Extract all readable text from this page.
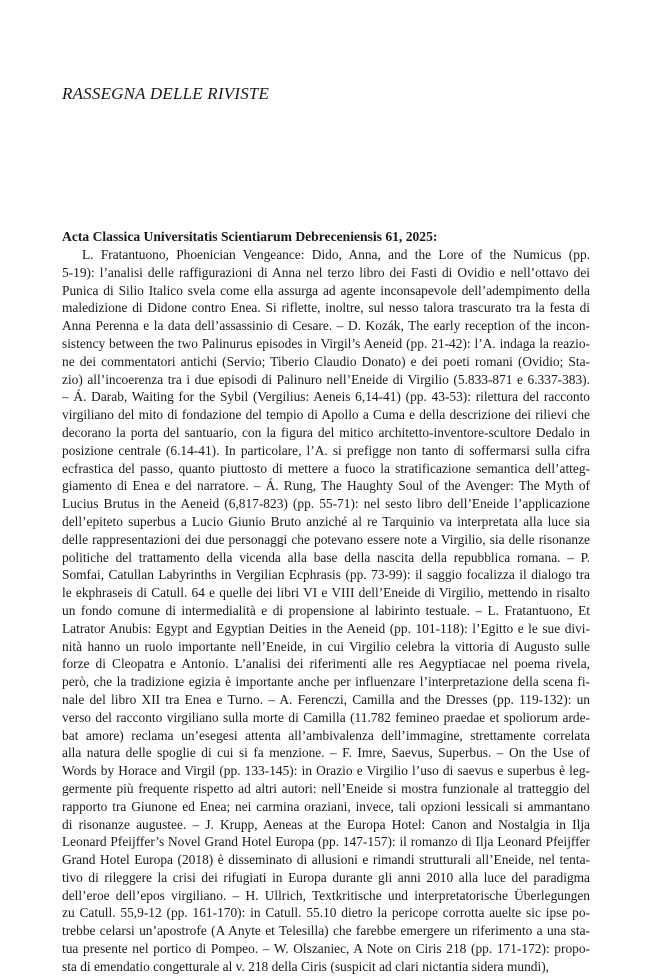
RASSEGNA DELLE RIVISTE
Acta Classica Universitatis Scientiarum Debreceniensis 61, 2025:
L. Fratantuono, Phoenician Vengeance: Dido, Anna, and the Lore of the Numicus (pp.
5-19): l’analisi delle raffigurazioni di Anna nel terzo libro dei Fasti di Ovidio e nell’ottavo dei
Punica di Silio Italico svela come ella assurga ad agente inconsapevole dell’adempimento della
maledizione di Didone contro Enea. Si riflette, inoltre, sul nesso talora trascurato tra la festa di
Anna Perenna e la data dell’assassinio di Cesare. – D. Kozák, The early reception of the incon-
sistency between the two Palinurus episodes in Virgil’s Aeneid (pp. 21-42): l’A. indaga la reazio-
ne dei commentatori antichi (Servio; Tiberio Claudio Donato) e dei poeti romani (Ovidio; Sta-
zio) all’incoerenza tra i due episodi di Palinuro nell’Eneide di Virgilio (5.833-871 e 6.337-383).
– Á. Darab, Waiting for the Sybil (Vergilius: Aeneis 6,14-41) (pp. 43-53): rilettura del racconto
virgiliano del mito di fondazione del tempio di Apollo a Cuma e della descrizione dei rilievi che
decorano la porta del santuario, con la figura del mitico architetto-inventore-scultore Dedalo in
posizione centrale (6.14-41). In particolare, l’A. si prefigge non tanto di soffermarsi sulla cifra
ecfrastica del passo, quanto piuttosto di mettere a fuoco la stratificazione semantica dell’atteg-
giamento di Enea e del narratore. – Á. Rung, The Haughty Soul of the Avenger: The Myth of
Lucius Brutus in the Aeneid (6,817-823) (pp. 55-71): nel sesto libro dell’Eneide l’applicazione
dell’epiteto superbus a Lucio Giunio Bruto anziché al re Tarquinio va interpretata alla luce sia
delle rappresentazioni dei due personaggi che potevano essere note a Virgilio, sia delle risonanze
politiche del trattamento della vicenda alla base della nascita della repubblica romana. – P.
Somfai, Catullan Labyrinths in Vergilian Ecphrasis (pp. 73-99): il saggio focalizza il dialogo tra
le ekphraseis di Catull. 64 e quelle dei libri VI e VIII dell’Eneide di Virgilio, mettendo in risalto
un fondo comune di intermedialità e di propensione al labirinto testuale. – L. Fratantuono, Et
Latrator Anubis: Egypt and Egyptian Deities in the Aeneid (pp. 101-118): l’Egitto e le sue divi-
nità hanno un ruolo importante nell’Eneide, in cui Virgilio celebra la vittoria di Augusto sulle
forze di Cleopatra e Antonio. L’analisi dei riferimenti alle res Aegyptiacae nel poema rivela,
però, che la tradizione egizia è importante anche per influenzare l’interpretazione della scena fi-
nale del libro XII tra Enea e Turno. – A. Ferenczi, Camilla and the Dresses (pp. 119-132): un
verso del racconto virgiliano sulla morte di Camilla (11.782 femineo praedae et spoliorum arde-
bat amore) reclama un’esegesi attenta all’ambivalenza dell’immagine, strettamente correlata
alla natura delle spoglie di cui si fa menzione. – F. Imre, Saevus, Superbus. – On the Use of
Words by Horace and Virgil (pp. 133-145): in Orazio e Virgilio l’uso di saevus e superbus è leg-
germente più frequente rispetto ad altri autori: nell’Eneide si mostra funzionale al tratteggio del
rapporto tra Giunone ed Enea; nei carmina oraziani, invece, tali opzioni lessicali si ammantano
di risonanze augustee. – J. Krupp, Aeneas at the Europa Hotel: Canon and Nostalgia in Ilja
Leonard Pfeijffer’s Novel Grand Hotel Europa (pp. 147-157): il romanzo di Ilja Leonard Pfeijffer
Grand Hotel Europa (2018) è disseminato di allusioni e rimandi strutturali all’Eneide, nel tenta-
tivo di rileggere la crisi dei rifugiati in Europa durante gli anni 2010 alla luce del paradigma
dell’eroe dell’epos virgiliano. – H. Ullrich, Textkritische und interpretatorische Überlegungen
zu Catull. 55,9-12 (pp. 161-170): in Catull. 55.10 dietro la pericope corrotta auelte sic ipse po-
trebbe celarsi un’apostrofe (A Anyte et Telesilla) che farebbe emergere un riferimento a una sta-
tua presente nel portico di Pompeo. – W. Olszaniec, A Note on Ciris 218 (pp. 171-172): propo-
sta di emendatio congetturale al v. 218 della Ciris (suspicit ad clari nictantia sidera mundi),
